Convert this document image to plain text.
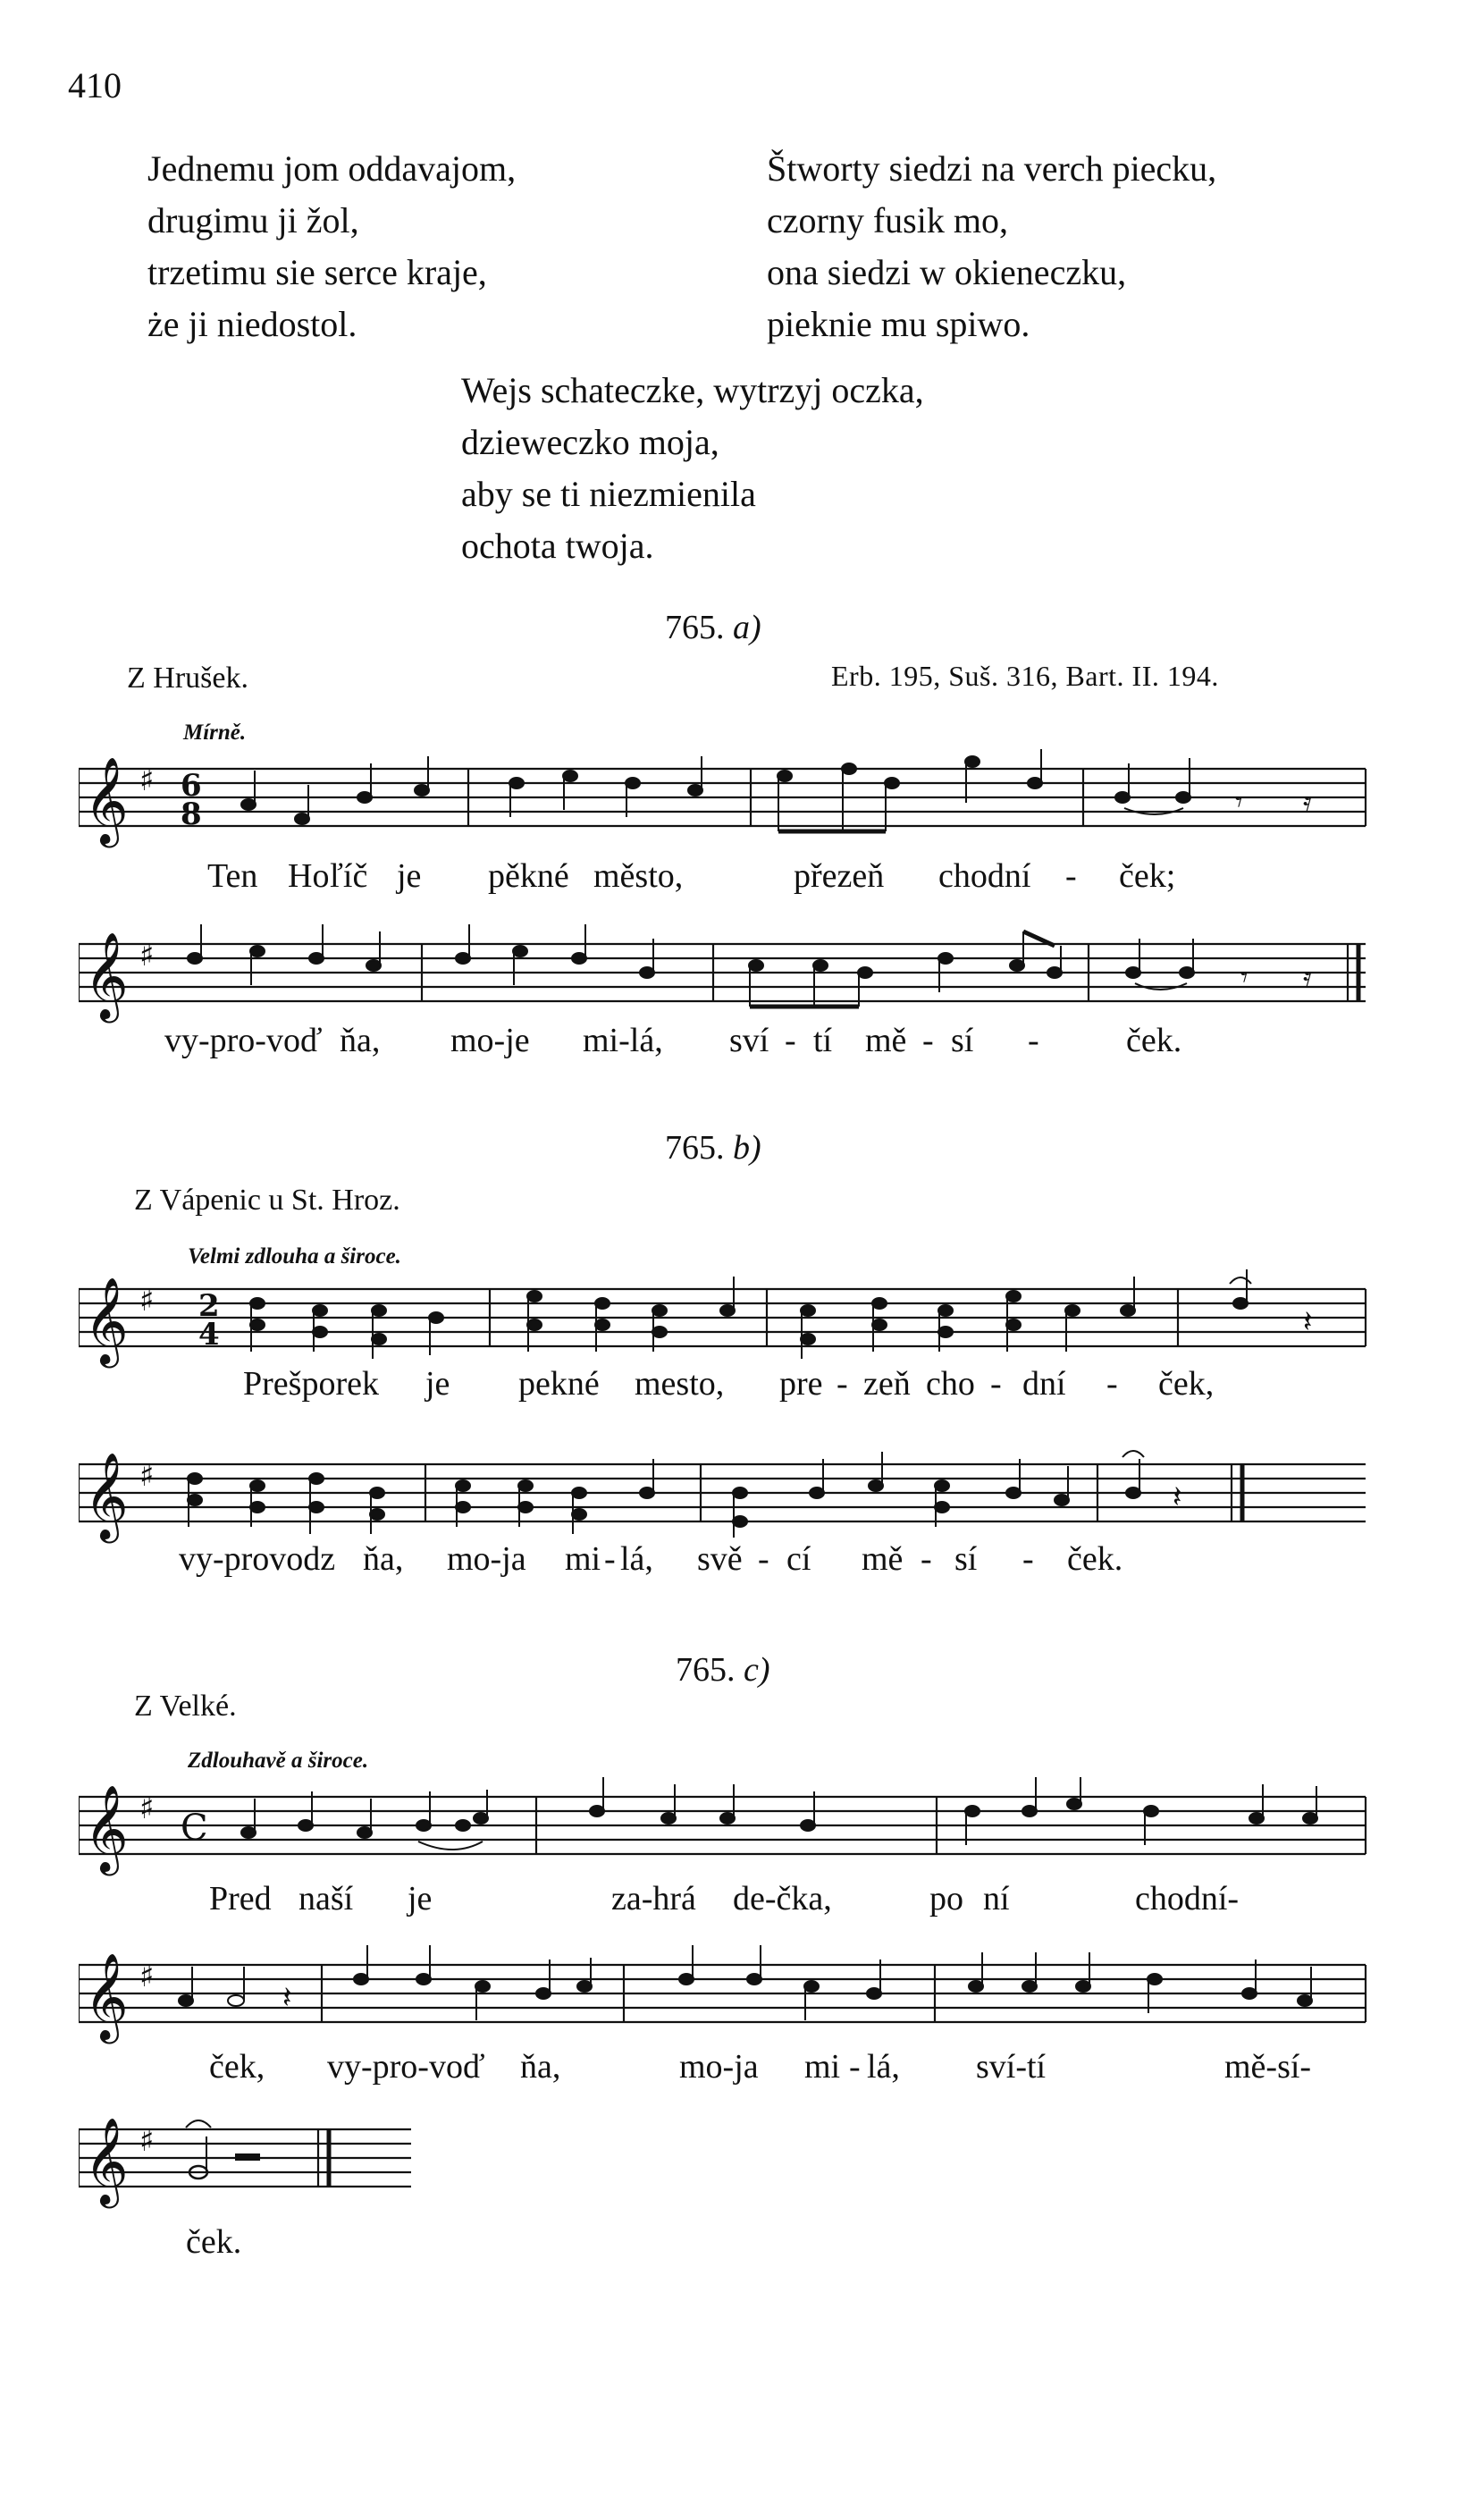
410
Jednemu jom oddavajom,
drugimu ji žol,
trzetimu sie serce kraje,
że ji niedostol.
Štworty siedzi na verch piecku,
czorny fusik mo,
ona siedzi w okieneczku,
pieknie mu spiwo.
Wejs schateczke, wytrzyj oczka,
dzieweczko moja,
aby se ti niezmienila
ochota twoja.
765. a)
Z Hrušek.	Erb. 195, Suš. 316, Bart. II. 194.
Mírně.
𝄞 ♯ 6
8	𝄾 𝄿
Ten Hoľíč je pěkné město,	přezeň chodní - ček;
𝄞 ♯
𝄾 𝄿
vy-pro-voď ňa, mo-je mi-lá, sví - tí mě - sí -	ček.
765. b)
Z Vápenic u St. Hroz.
Velmi zdlouha a široce.
𝄞 ♯ 2
4	𝄽
Prešporek je pekné mesto, pre - zeň cho - dní - ček,
𝄞 ♯
𝄽
vy-provodz ňa, mo-ja mi - lá, svě - cí mě - sí - ček.
765. c)
Z Velké.
Zdlouhavě a široce.
𝄞 ♯ C
Pred naší je	za-hrá de-čka,	po ní	chodní-
𝄞 ♯
𝄽
ček, vy-pro-voď ňa,	mo-ja mi - lá, sví-tí	mě-sí-
𝄞 ♯
ček.
